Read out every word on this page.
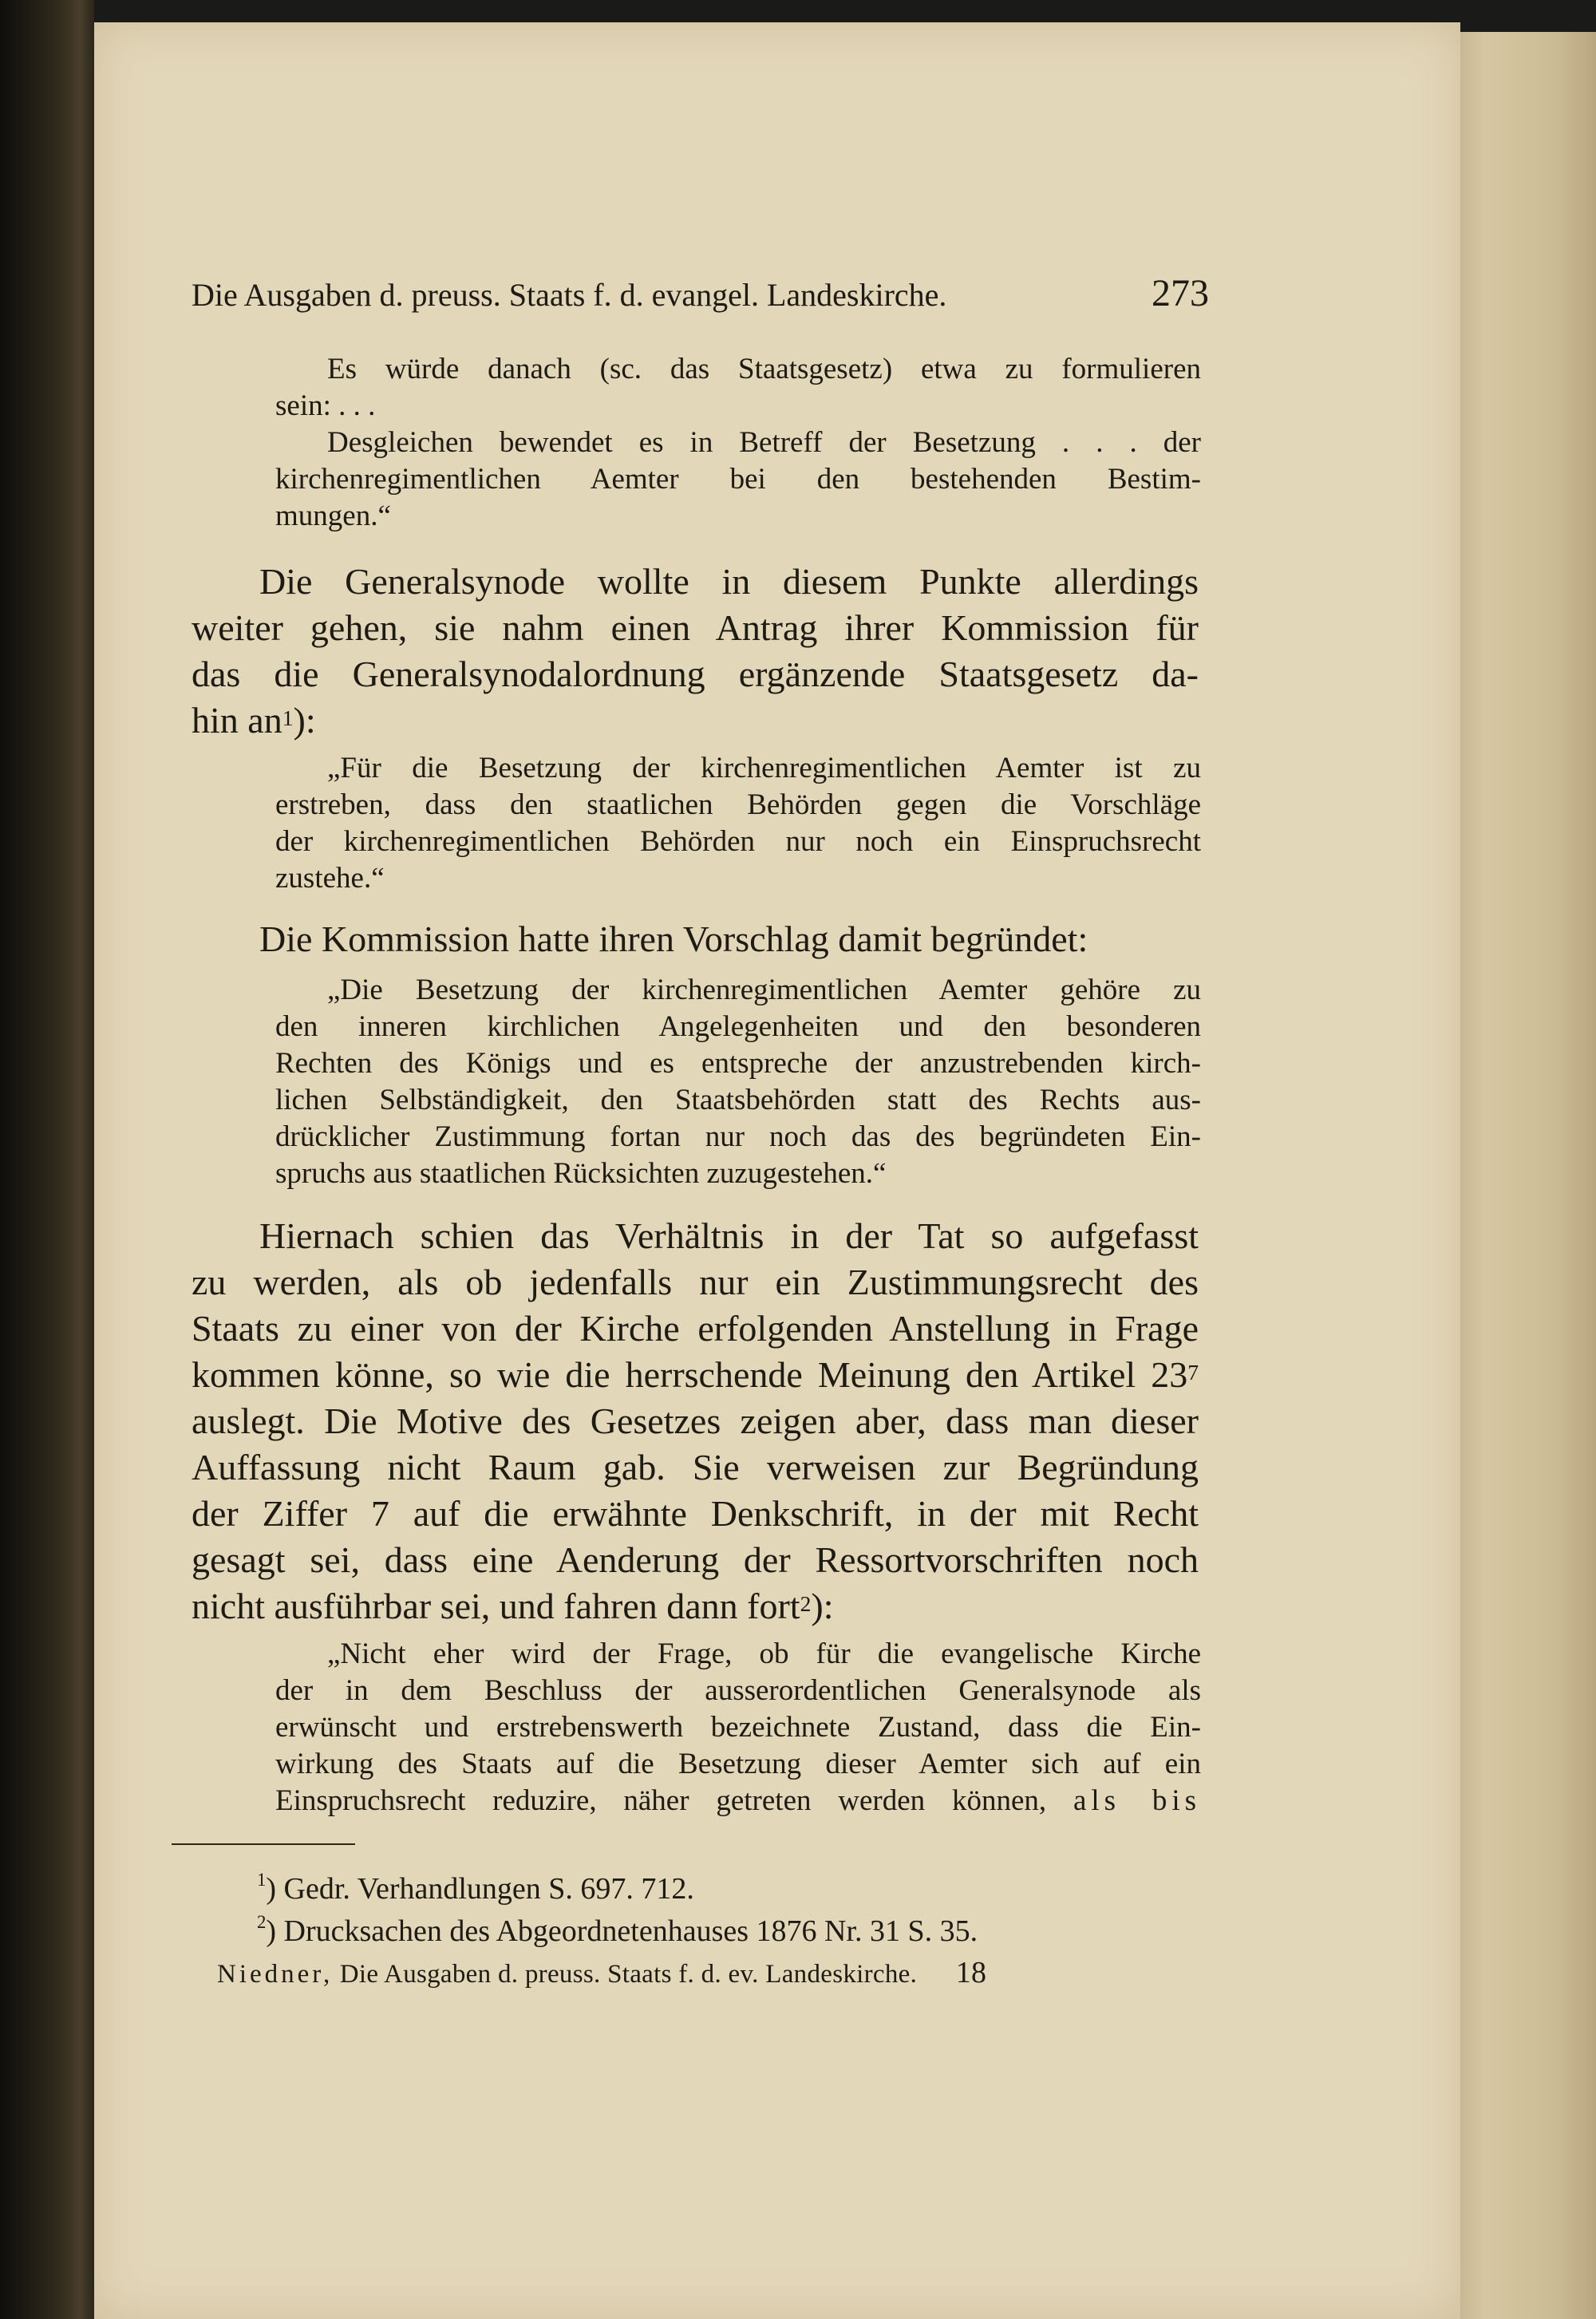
Die Ausgaben d. preuss. Staats f. d. evangel. Landeskirche.	273
Es würde danach (sc. das Staatsgesetz) etwa zu formulieren
sein: . . .
Desgleichen bewendet es in Betreff der Besetzung . . . der
kirchenregimentlichen Aemter bei den bestehenden Bestim-
mungen.“
Die Generalsynode wollte in diesem Punkte allerdings
weiter gehen, sie nahm einen Antrag ihrer Kommission für
das die Generalsynodalordnung ergänzende Staatsgesetz da-
hin $an^1$):
„Für die Besetzung der kirchenregimentlichen Aemter ist zu
erstreben, dass den staatlichen Behörden gegen die Vorschläge
der kirchenregimentlichen Behörden nur noch ein Einspruchsrecht
zustehe.“
Die Kommission hatte ihren Vorschlag damit begründet:
„Die Besetzung der kirchenregimentlichen Aemter gehöre zu
den inneren kirchlichen Angelegenheiten und den besonderen
Rechten des Königs und es entspreche der anzustrebenden kirch-
lichen Selbständigkeit, den Staatsbehörden statt des Rechts aus-
drücklicher Zustimmung fortan nur noch das des begründeten Ein-
spruchs aus staatlichen Rücksichten zuzugestehen.“
Hiernach schien das Verhältnis in der Tat so aufgefasst
zu werden, als ob jedenfalls nur ein Zustimmungsrecht des
Staats zu einer von der Kirche erfolgenden Anstellung in Frage
kommen könne, so wie die herrschende Meinung den Artikel $23^7$
auslegt. Die Motive des Gesetzes zeigen aber, dass man dieser
Auffassung nicht Raum gab. Sie verweisen zur Begründung
der Ziffer 7 auf die erwähnte Denkschrift, in der mit Recht
gesagt sei, dass eine Aenderung der Ressortvorschriften noch
nicht ausführbar sei, und fahren dann fort$^2$):
„Nicht eher wird der Frage, ob für die evangelische Kirche
der in dem Beschluss der ausserordentlichen Generalsynode als
erwünscht und erstrebenswerth bezeichnete Zustand, dass die Ein-
wirkung des Staats auf die Besetzung dieser Aemter sich auf ein
Einspruchsrecht reduzire, näher getreten werden können, als bis
$^1$) Gedr. Verhandlungen S. 697. 712.
$^2$) Drucksachen des Abgeordnetenhauses 1876 Nr. 31 S. 35.
Niedner, Die Ausgaben d. preuss. Staats f. d. ev. Landeskirche. 18
